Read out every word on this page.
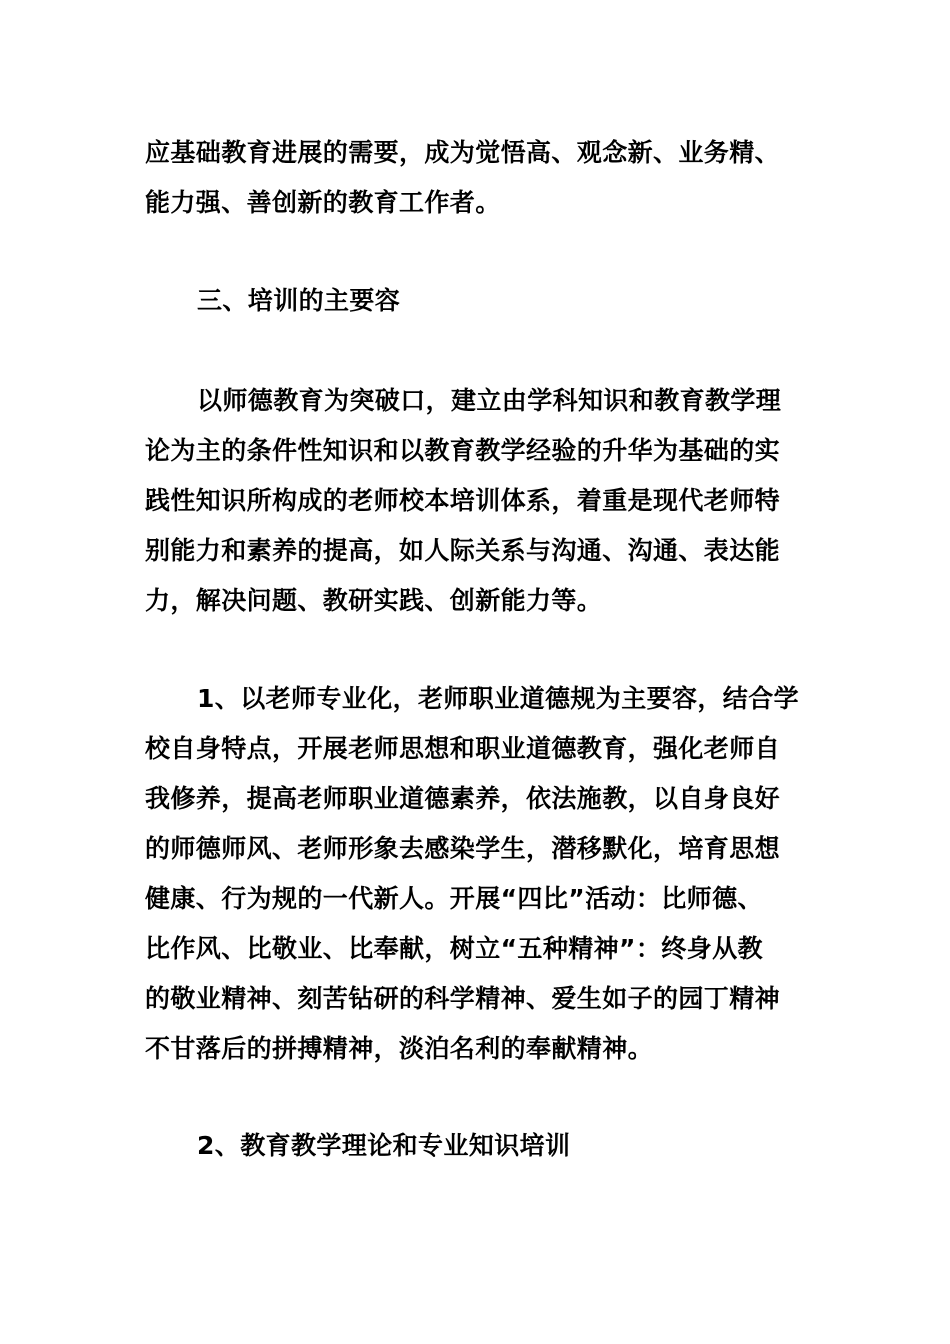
应基础教育进展的需要，成为觉悟高、观念新、业务精、
能力强、善创新的教育工作者。
三、培训的主要容
以师德教育为突破口，建立由学科知识和教育教学理
论为主的条件性知识和以教育教学经验的升华为基础的实
践性知识所构成的老师校本培训体系，着重是现代老师特
别能力和素养的提高，如人际关系与沟通、沟通、表达能
力，解决问题、教研实践、创新能力等。
1、以老师专业化，老师职业道德规为主要容，结合学
校自身特点，开展老师思想和职业道德教育，强化老师自
我修养，提高老师职业道德素养，依法施教，以自身良好
的师德师风、老师形象去感染学生，潜移默化，培育思想
健康、行为规的一代新人。开展“四比”活动：比师德、
比作风、比敬业、比奉献，树立“五种精神”：终身从教
的敬业精神、刻苦钻研的科学精神、爱生如子的园丁精神
不甘落后的拼搏精神，淡泊名利的奉献精神。
2、教育教学理论和专业知识培训
